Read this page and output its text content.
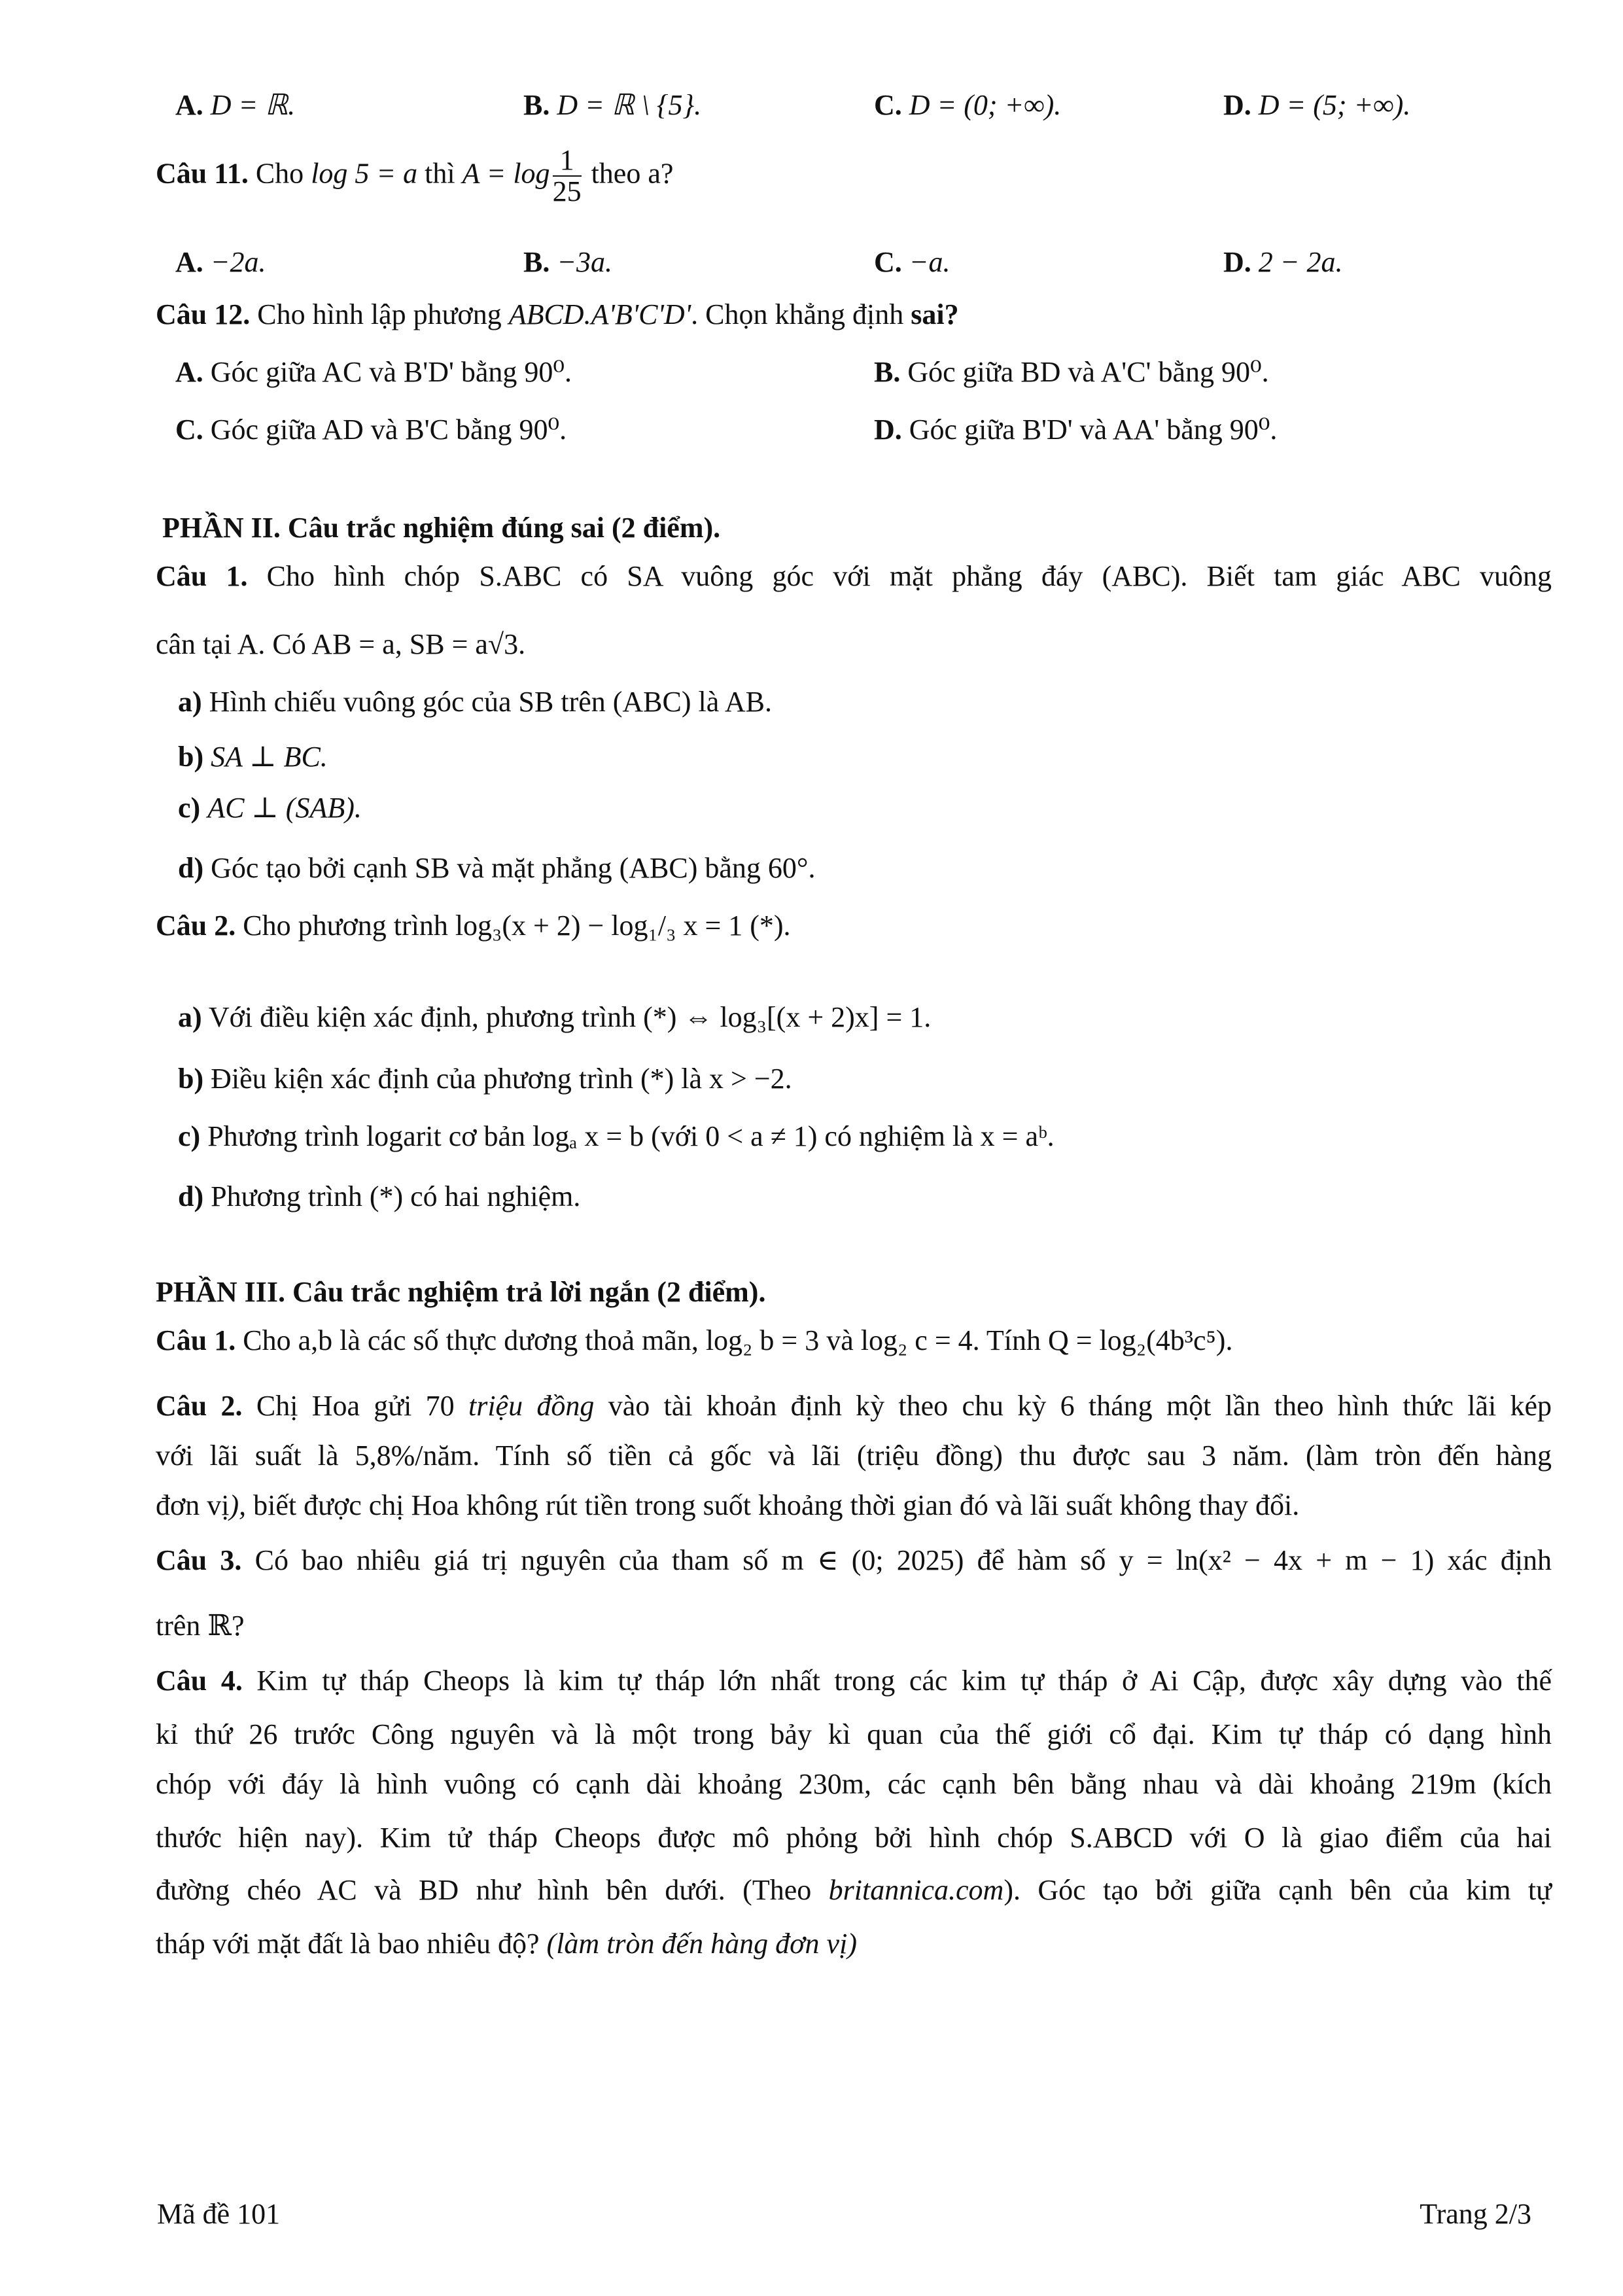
A. D = ℝ.	B. D = ℝ \ {5}.	C. D = (0; +∞).	D. D = (5; +∞).
Câu 11. Cho log 5 = a thì $A = \log \frac{1}{25}$ theo a?
A. −2a.	B. −3a.	C. −a.	D. 2 − 2a.
Câu 12. Cho hình lập phương ABCD.A'B'C'D'. Chọn khẳng định sai?
A. Góc giữa AC và B'D' bằng 90⁰.	B. Góc giữa BD và A'C' bằng 90⁰.
C. Góc giữa AD và B'C bằng 90⁰.	D. Góc giữa B'D' và AA' bằng 90⁰.
PHẦN II. Câu trắc nghiệm đúng sai (2 điểm).
Câu 1. Cho hình chóp S.ABC có SA vuông góc với mặt phẳng đáy (ABC). Biết tam giác ABC vuông
cân tại A. Có AB = a, SB = a√3.
a) Hình chiếu vuông góc của SB trên (ABC) là AB.
b) SA ⊥ BC.
c) AC ⊥ (SAB).
d) Góc tạo bởi cạnh SB và mặt phẳng (ABC) bằng 60°.
Câu 2. Cho phương trình log₃(x + 2) − log₁/₃ x = 1 (*).
a) Với điều kiện xác định, phương trình (*) ⇔ log₃[(x + 2)x] = 1.
b) Điều kiện xác định của phương trình (*) là x > −2.
c) Phương trình logarit cơ bản logₐ x = b (với 0 < a ≠ 1) có nghiệm là x = aᵇ.
d) Phương trình (*) có hai nghiệm.
PHẦN III. Câu trắc nghiệm trả lời ngắn (2 điểm).
Câu 1. Cho a,b là các số thực dương thoả mãn, log₂ b = 3 và log₂ c = 4. Tính Q = log₂(4b³c⁵).
Câu 2. Chị Hoa gửi 70 triệu đồng vào tài khoản định kỳ theo chu kỳ 6 tháng một lần theo hình thức lãi kép
với lãi suất là 5,8%/năm. Tính số tiền cả gốc và lãi (triệu đồng) thu được sau 3 năm. (làm tròn đến hàng
đơn vị), biết được chị Hoa không rút tiền trong suốt khoảng thời gian đó và lãi suất không thay đổi.
Câu 3. Có bao nhiêu giá trị nguyên của tham số m ∈ (0; 2025) để hàm số y = ln(x² − 4x + m − 1) xác định
trên ℝ?
Câu 4. Kim tự tháp Cheops là kim tự tháp lớn nhất trong các kim tự tháp ở Ai Cập, được xây dựng vào thế
kỉ thứ 26 trước Công nguyên và là một trong bảy kì quan của thế giới cổ đại. Kim tự tháp có dạng hình
chóp với đáy là hình vuông có cạnh dài khoảng 230m, các cạnh bên bằng nhau và dài khoảng 219m (kích
thước hiện nay). Kim tử tháp Cheops được mô phỏng bởi hình chóp S.ABCD với O là giao điểm của hai
đường chéo AC và BD như hình bên dưới. (Theo britannica.com). Góc tạo bởi giữa cạnh bên của kim tự
tháp với mặt đất là bao nhiêu độ? (làm tròn đến hàng đơn vị)
Mã đề 101	Trang 2/3
